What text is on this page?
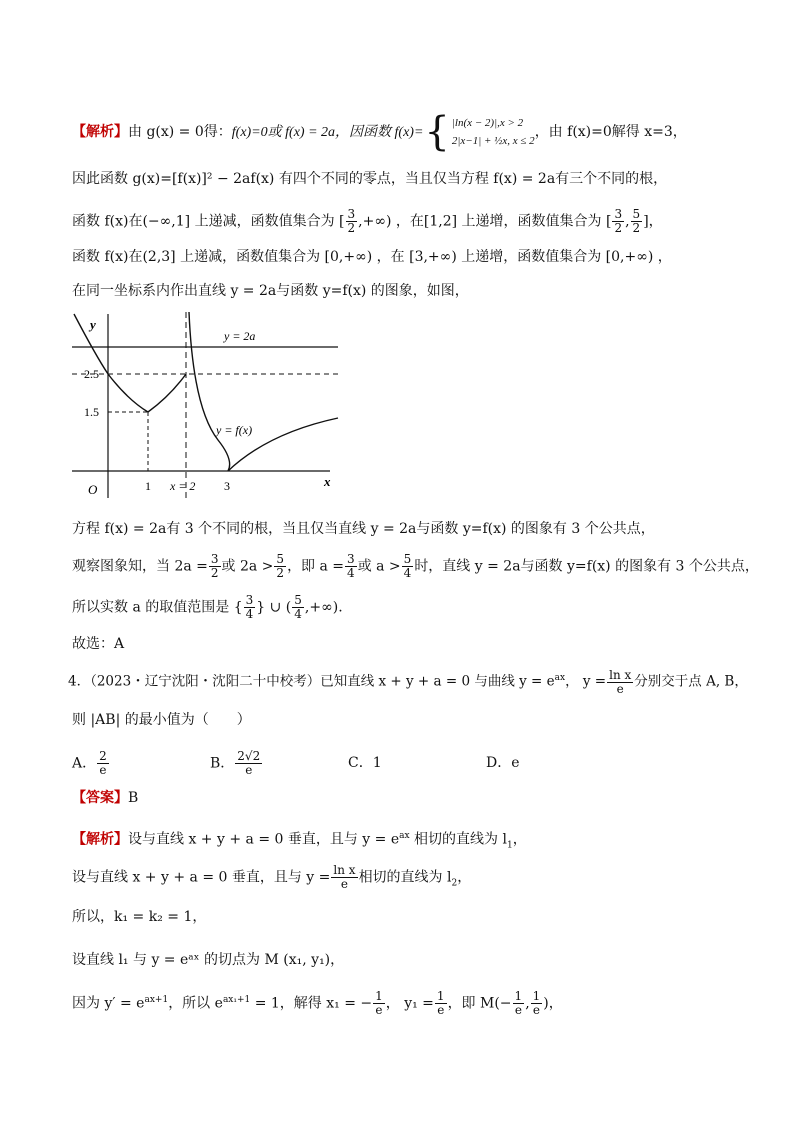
【解析】由 g(x) = 0得：f(x)=0或 f(x) = 2a，因函数 f(x)= { |ln(x − 2)|,x > 2
2|x−1| + ½x, x ≤ 2
，由 f(x)=0解得 x=3，
因此函数 g(x)=[f(x)]² − 2af(x) 有四个不同的零点，当且仅当方程 f(x) = 2a有三个不同的根，
函数 f(x)在(−∞,1] 上递减，函数值集合为 [ $\frac{3}{2}$ ,+∞) ，在[1,2] 上递增，函数值集合为 [ $\frac{3}{2}$ , $\frac{5}{2}$ ]，
函数 f(x)在(2,3] 上递减，函数值集合为 [0,+∞) ，在 [3,+∞) 上递增，函数值集合为 [0,+∞) ，
在同一坐标系内作出直线 y = 2a与函数 y=f(x) 的图象，如图，
y
x
O
y = 2a
y = f(x)
2.5
1.5
1 x = 2 3
方程 f(x) = 2a有 3 个不同的根，当且仅当直线 y = 2a与函数 y=f(x) 的图象有 3 个公共点，
观察图象知，当 $2a = \frac{3}{2}$ 或 $2a > \frac{5}{2}$ ，即 $a = \frac{3}{4}$ 或 $a > \frac{5}{4}$ 时，直线 y = 2a与函数 y=f(x) 的图象有 3 个公共点，
所以实数 a 的取值范围是 { $\frac{3}{4}$ } ∪ ( $\frac{5}{4}$ ,+∞).
故选：A
4．（2023・辽宁沈阳・沈阳二十中校考）已知直线 x + y + a = 0 与曲线 $y = e^{ax}$， $y = \frac{\text{ln x}}{e}$ 分别交于点 A, B，
则 |AB| 的最小值为（　　）
A． $\frac{2}{e}$	B． $\frac{2√2}{e}$	C．1	D．e
【答案】B
【解析】设与直线 x + y + a = 0 垂直，且与 $y = e^{ax}$ 相切的直线为 $l_1$，
设与直线 x + y + a = 0 垂直，且与 $y = \frac{\text{ln x}}{e}$ 相切的直线为 $l_2$，
所以，k₁ = k₂ = 1，
设直线 l₁ 与 y = eᵃˣ 的切点为 M (x₁, y₁)，
因为 $y' = e^{ax+1}$，所以 $e^{ax_1+1} = 1$，解得 x₁ = − $\frac{1}{e}$ ， $y_1 = \frac{1}{e}$ ，即 $M(- \frac{1}{e}$ , $\frac{1}{e}$ )，
